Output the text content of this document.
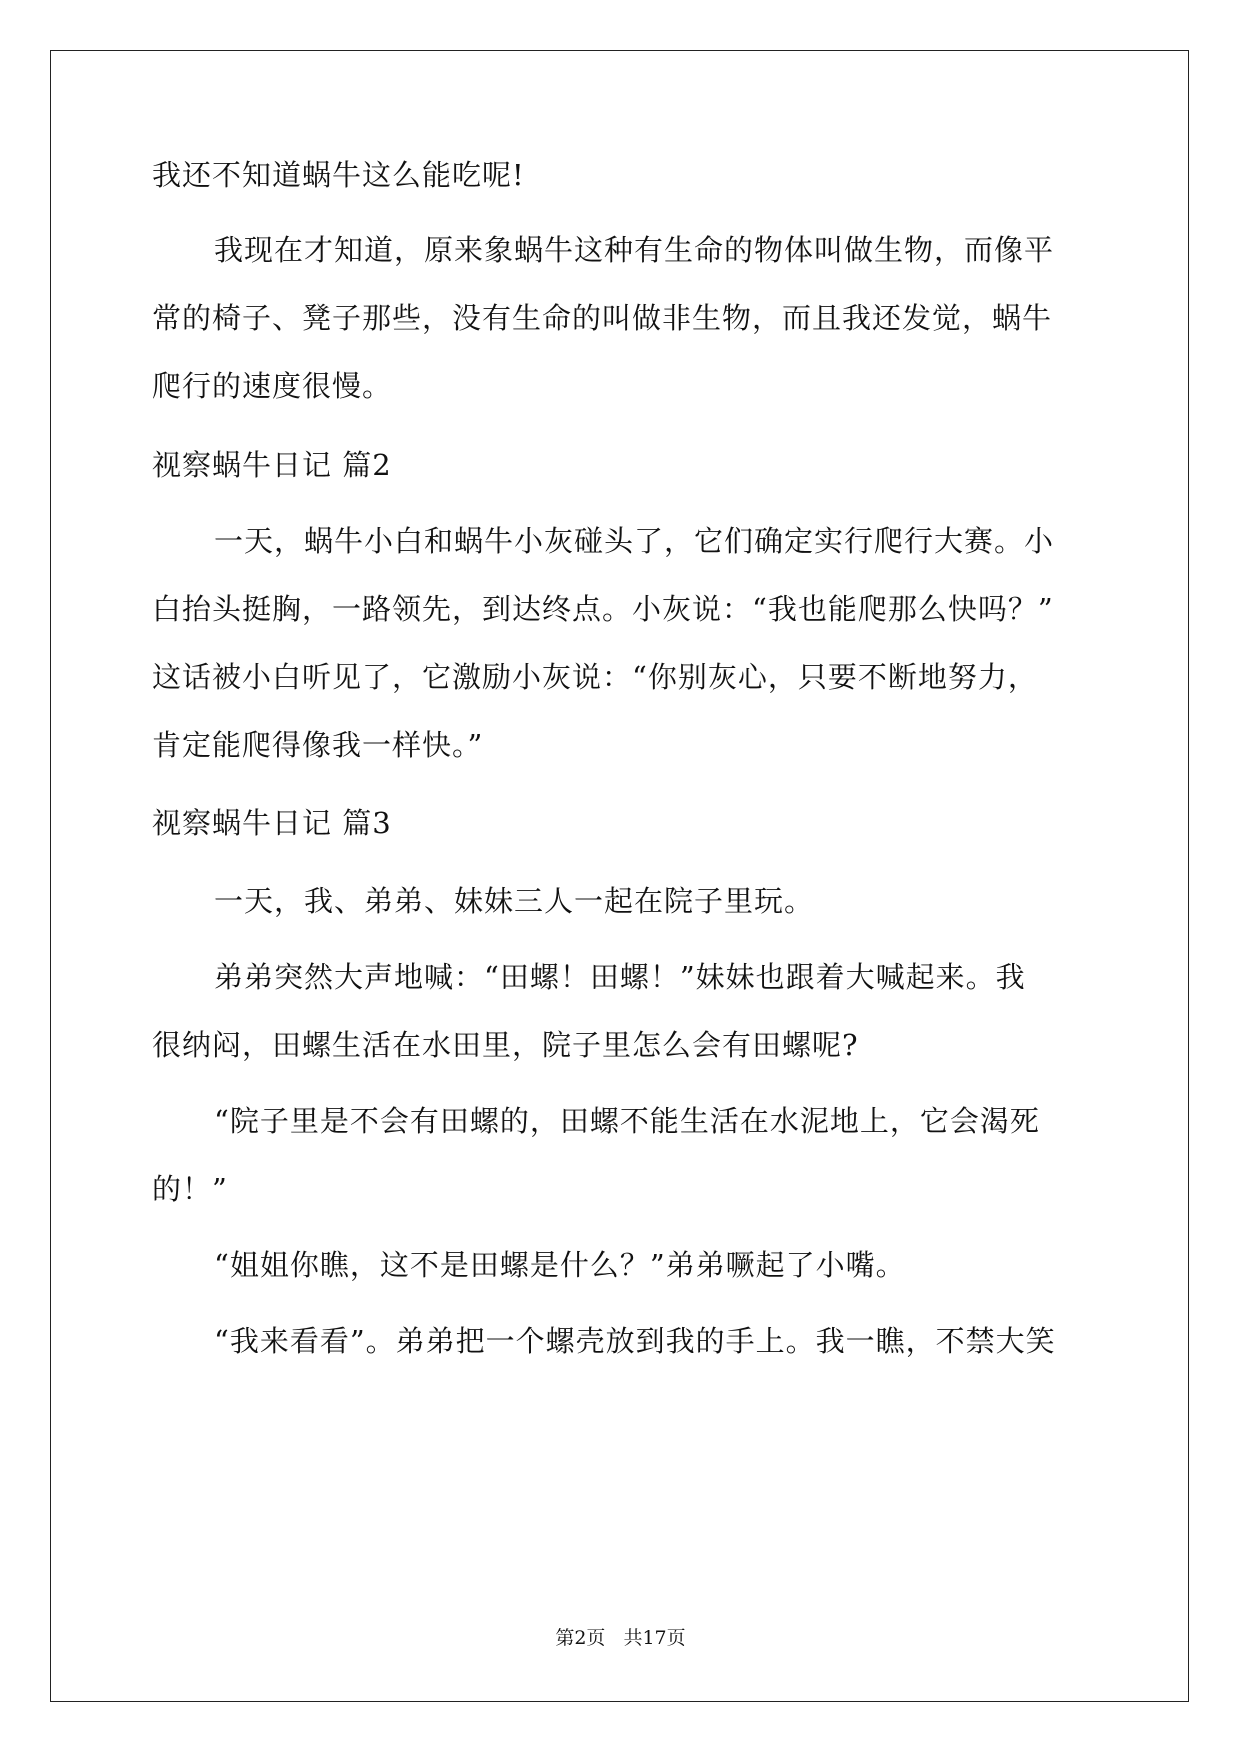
我还不知道蜗牛这么能吃呢!
我现在才知道，原来象蜗牛这种有生命的物体叫做生物，而像平
常的椅子、凳子那些，没有生命的叫做非生物，而且我还发觉，蜗牛
爬行的速度很慢。
视察蜗牛日记 篇2
一天，蜗牛小白和蜗牛小灰碰头了，它们确定实行爬行大赛。小
白抬头挺胸，一路领先，到达终点。小灰说：“我也能爬那么快吗？”
这话被小白听见了，它激励小灰说：“你别灰心，只要不断地努力，
肯定能爬得像我一样快。”
视察蜗牛日记 篇3
一天，我、弟弟、妹妹三人一起在院子里玩。
弟弟突然大声地喊：“田螺！田螺！”妹妹也跟着大喊起来。我
很纳闷，田螺生活在水田里，院子里怎么会有田螺呢?
“院子里是不会有田螺的，田螺不能生活在水泥地上，它会渴死
的！”
“姐姐你瞧，这不是田螺是什么？”弟弟噘起了小嘴。
“我来看看”。弟弟把一个螺壳放到我的手上。我一瞧，不禁大笑
第2页 共17页
